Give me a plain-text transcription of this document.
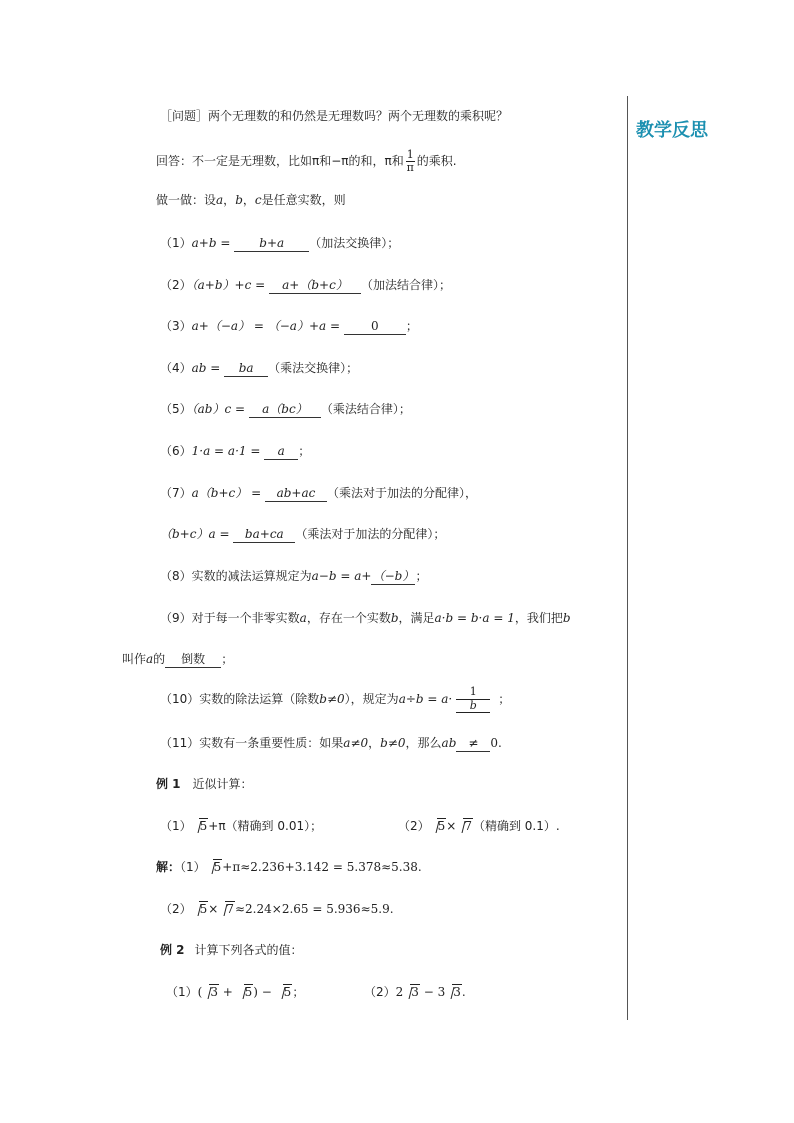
教学反思
［问题］两个无理数的和仍然是无理数吗？两个无理数的乘积呢？
回答：不一定是无理数，比如π和−π的和，π和 $\frac{1}{\pi}$ 的乘积.
做一做：设a，b，c是任意实数，则
（1）a+b = b+a （加法交换律）；
（2）（a+b）+c = a+（b+c） （加法结合律）；
（3）a+（−a） = （−a）+a = 0 ；
（4）ab = ba （乘法交换律）；
（5）（ab）c = a（bc） （乘法结合律）；
（6）1·a = a·1 = a ；
（7）a（b+c） = ab+ac （乘法对于加法的分配律），
（b+c）a = ba+ca （乘法对于加法的分配律）；
（8）实数的减法运算规定为a−b = a+（−b）；
（9）对于每一个非零实数a，存在一个实数b，满足a·b = b·a = 1，我们把b
叫作a的 倒数 ；
（10）实数的除法运算（除数b≠0），规定为$a\div b = a\cdot \frac{1}{b}$ ；
（11）实数有一条重要性质：如果a≠0，b≠0，那么ab ≠ 0.
例 1 近似计算：
（1） 5+π（精确到 0.01）；	（2） 5× 7（精确到 0.1）.
解：（1） 5+π≈2.236+3.142 = 5.378≈5.38.
（2） 5× 7≈2.24×2.65 = 5.936≈5.9.
例 2 计算下列各式的值：
（1）( 3 + 5) − 5；	（2）2 3 − 3 3.
